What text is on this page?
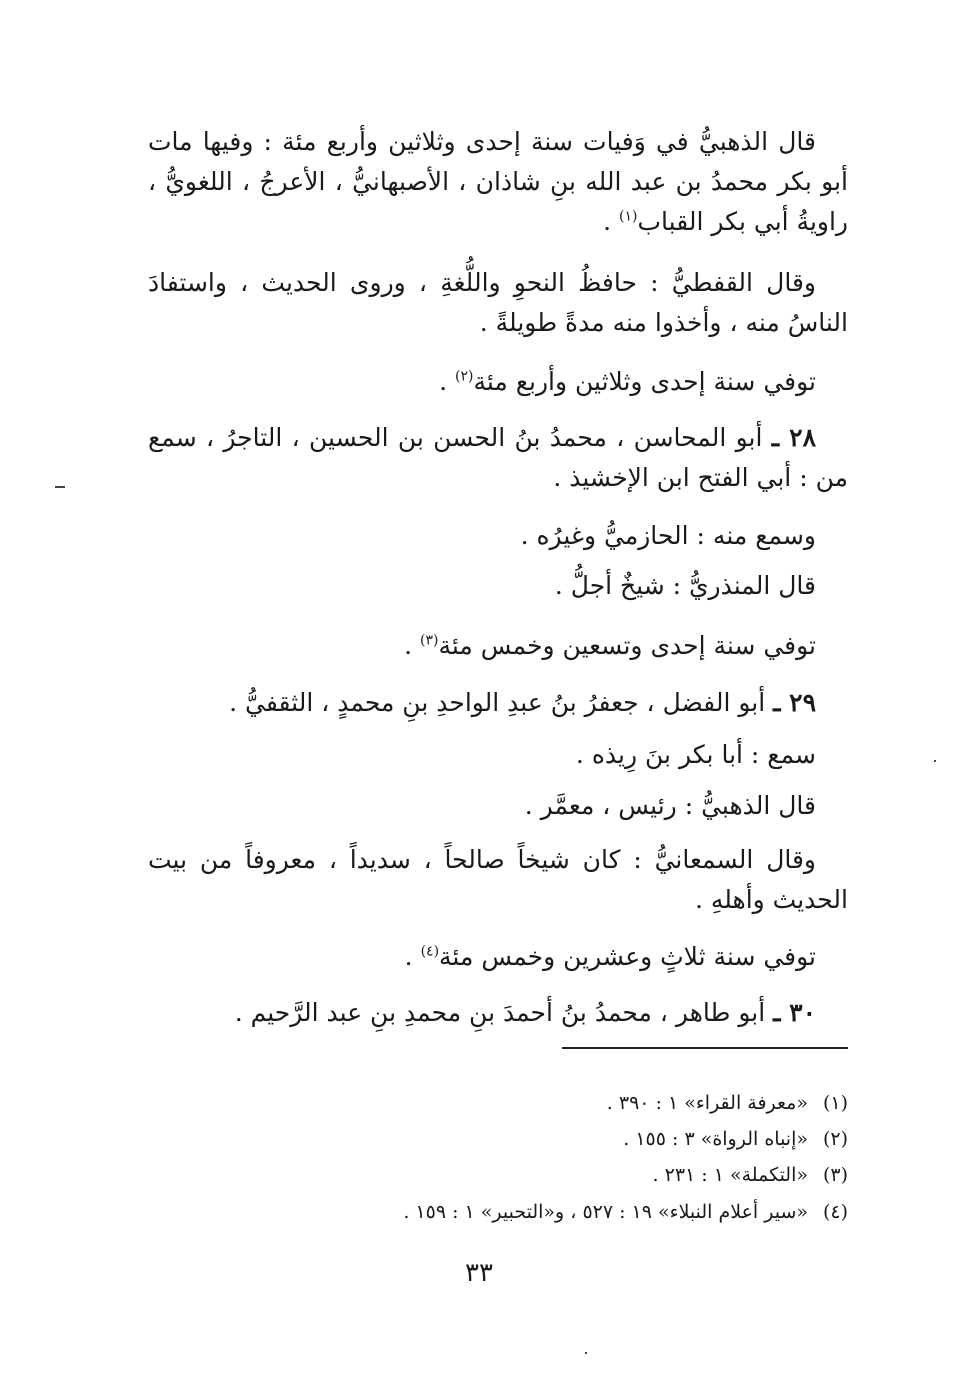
قال الذهبيُّ في وَفيات سنة إحدى وثلاثين وأربع مئة : وفيها مات أبو بكر محمدُ بن عبد الله بنِ شاذان ، الأصبهانيُّ ، الأعرجُ ، اللغويُّ ، راويةُ أبي بكر القباب$^{(١)}$ .

وقال القفطيُّ : حافظُ النحوِ واللُّغةِ ، وروى الحديث ، واستفادَ الناسُ منه ، وأخذوا منه مدةً طويلةً .

توفي سنة إحدى وثلاثين وأربع مئة$^{(٢)}$ .

٢٨ ـ أبو المحاسن ، محمدُ بنُ الحسن بن الحسين ، التاجرُ ، سمع من : أبي الفتح ابن الإخشيذ .

وسمع منه : الحازميُّ وغيرُه .

قال المنذريُّ : شيخٌ أجلُّ .

توفي سنة إحدى وتسعين وخمس مئة$^{(٣)}$ .

٢٩ ـ أبو الفضل ، جعفرُ بنُ عبدِ الواحدِ بنِ محمدٍ ، الثقفيُّ .

سمع : أبا بكر بنَ رِيذه .

قال الذهبيُّ : رئيس ، معمَّر .

وقال السمعانيُّ : كان شيخاً صالحاً ، سديداً ، معروفاً من بيت الحديث وأهلهِ .

توفي سنة ثلاثٍ وعشرين وخمس مئة$^{(٤)}$ .

٣٠ ـ أبو طاهر ، محمدُ بنُ أحمدَ بنِ محمدِ بنِ عبد الرَّحيم .

(١)«معرفة القراء» ١ : ٣٩٠ .

(٢)«إنباه الرواة» ٣ : ١٥٥ .

(٣)«التكملة» ١ : ٢٣١ .

(٤)«سير أعلام النبلاء» ١٩ : ٥٢٧ ، و«التحبير» ١ : ١٥٩ .

٣٣
